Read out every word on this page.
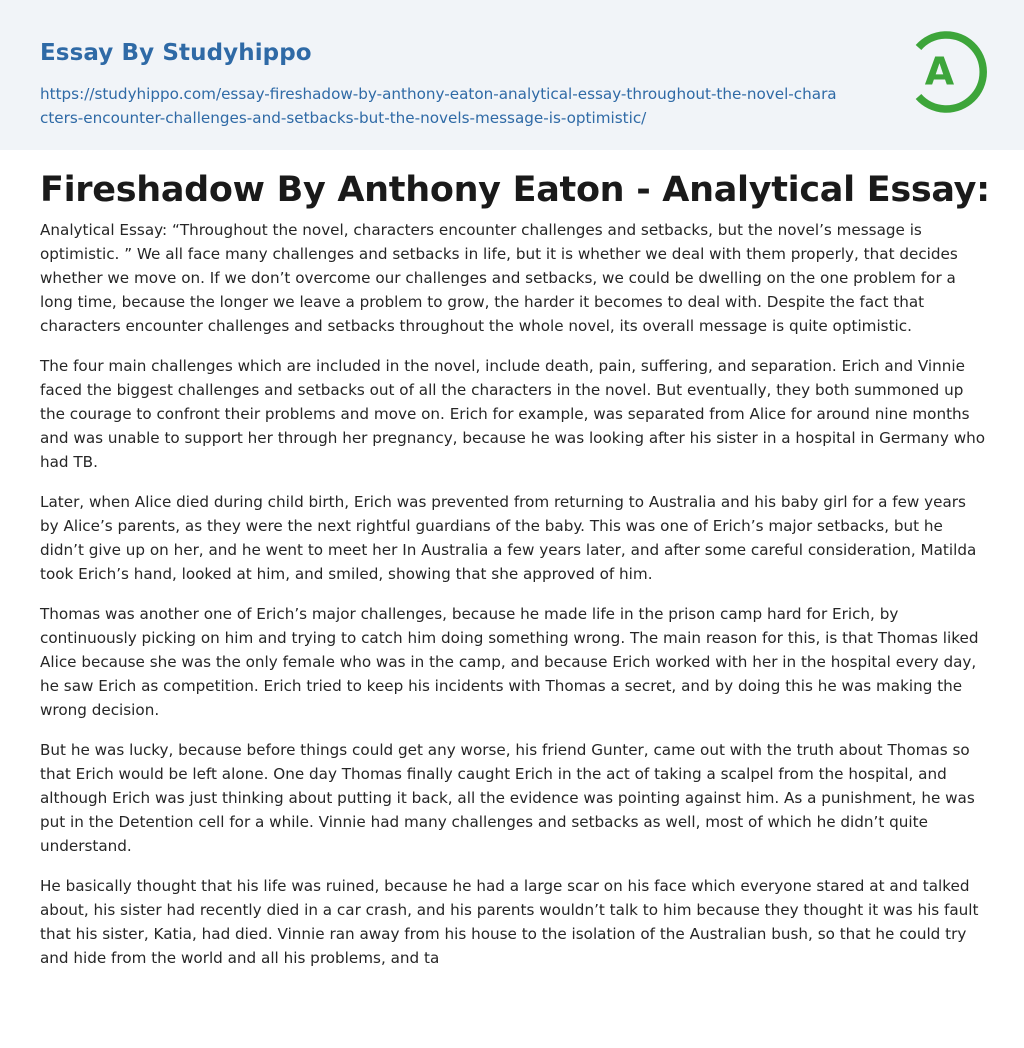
Essay By Studyhippo
https://studyhippo.com/essay-fireshadow-by-anthony-eaton-analytical-essay-throughout-the-novel-characters-encounter-challenges-and-setbacks-but-the-novels-message-is-optimistic/
A
Fireshadow By Anthony Eaton - Analytical Essay:

Analytical Essay: “Throughout the novel, characters encounter challenges and setbacks, but the novel’s message is optimistic. ” We all face many challenges and setbacks in life, but it is whether we deal with them properly, that decides whether we move on. If we don’t overcome our challenges and setbacks, we could be dwelling on the one problem for a long time, because the longer we leave a problem to grow, the harder it becomes to deal with. Despite the fact that characters encounter challenges and setbacks throughout the whole novel, its overall message is quite optimistic.

The four main challenges which are included in the novel, include death, pain, suffering, and separation. Erich and Vinnie faced the biggest challenges and setbacks out of all the characters in the novel. But eventually, they both summoned up the courage to confront their problems and move on. Erich for example, was separated from Alice for around nine months and was unable to support her through her pregnancy, because he was looking after his sister in a hospital in Germany who had TB.

Later, when Alice died during child birth, Erich was prevented from returning to Australia and his baby girl for a few years by Alice’s parents, as they were the next rightful guardians of the baby. This was one of Erich’s major setbacks, but he didn’t give up on her, and he went to meet her In Australia a few years later, and after some careful consideration, Matilda took Erich’s hand, looked at him, and smiled, showing that she approved of him.

Thomas was another one of Erich’s major challenges, because he made life in the prison camp hard for Erich, by continuously picking on him and trying to catch him doing something wrong. The main reason for this, is that Thomas liked Alice because she was the only female who was in the camp, and because Erich worked with her in the hospital every day, he saw Erich as competition. Erich tried to keep his incidents with Thomas a secret, and by doing this he was making the wrong decision.

But he was lucky, because before things could get any worse, his friend Gunter, came out with the truth about Thomas so that Erich would be left alone. One day Thomas finally caught Erich in the act of taking a scalpel from the hospital, and although Erich was just thinking about putting it back, all the evidence was pointing against him. As a punishment, he was put in the Detention cell for a while. Vinnie had many challenges and setbacks as well, most of which he didn’t quite understand.

He basically thought that his life was ruined, because he had a large scar on his face which everyone stared at and talked about, his sister had recently died in a car crash, and his parents wouldn’t talk to him because they thought it was his fault that his sister, Katia, had died. Vinnie ran away from his house to the isolation of the Australian bush, so that he could try and hide from the world and all his problems, and ta
